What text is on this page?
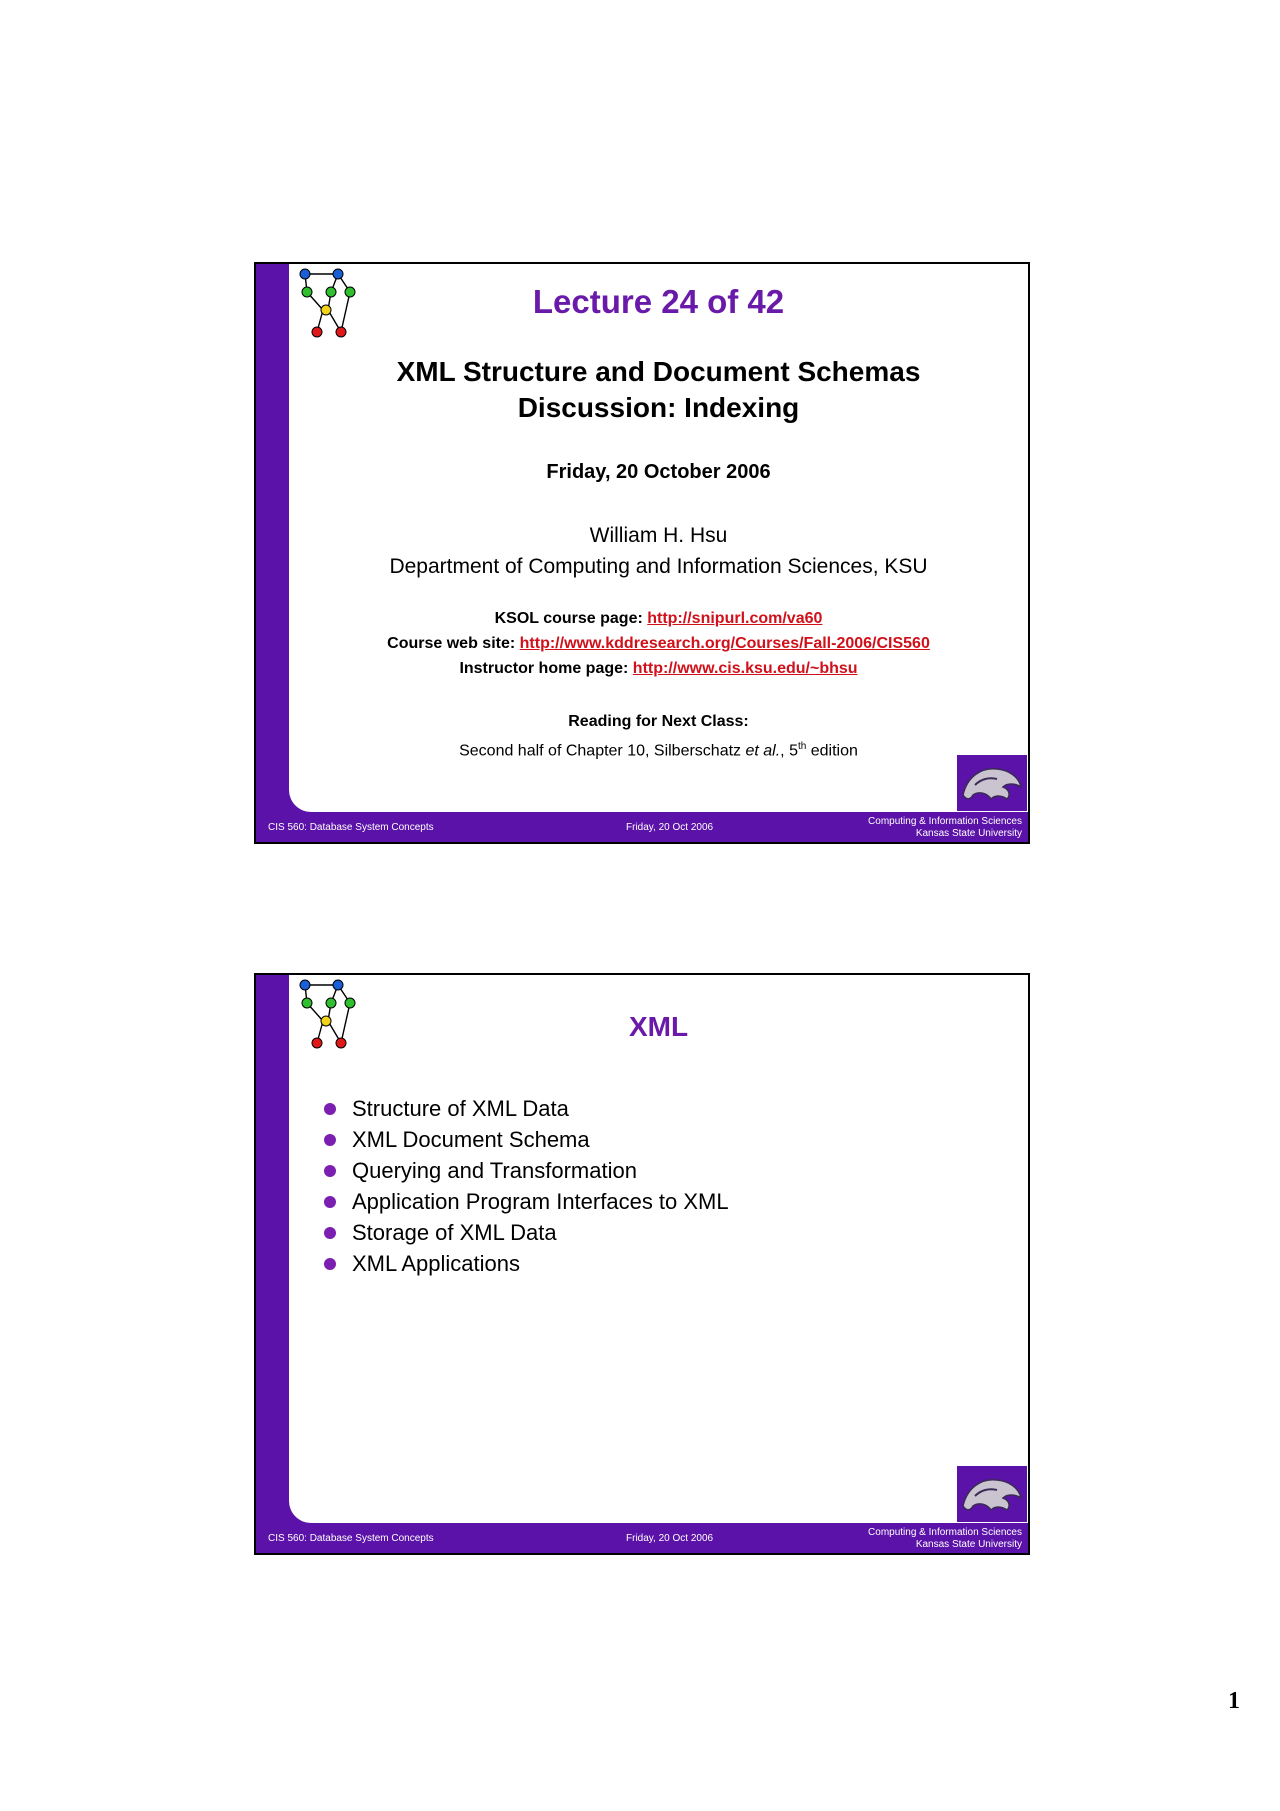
Lecture 24 of 42
XML Structure and Document Schemas
Discussion: Indexing
Friday, 20 October 2006
William H. Hsu
Department of Computing and Information Sciences, KSU
KSOL course page: http://snipurl.com/va60
Course web site: http://www.kddresearch.org/Courses/Fall-2006/CIS560
Instructor home page: http://www.cis.ksu.edu/~bhsu
Reading for Next Class:
Second half of Chapter 10, Silberschatz et al., 5th edition
CIS 560: Database System Concepts	Friday, 20 Oct 2006
Computing & Information Sciences
Kansas State University
XML
Structure of XML Data
XML Document Schema
Querying and Transformation
Application Program Interfaces to XML
Storage of XML Data
XML Applications
CIS 560: Database System Concepts	Friday, 20 Oct 2006
Computing & Information Sciences
Kansas State University
1
